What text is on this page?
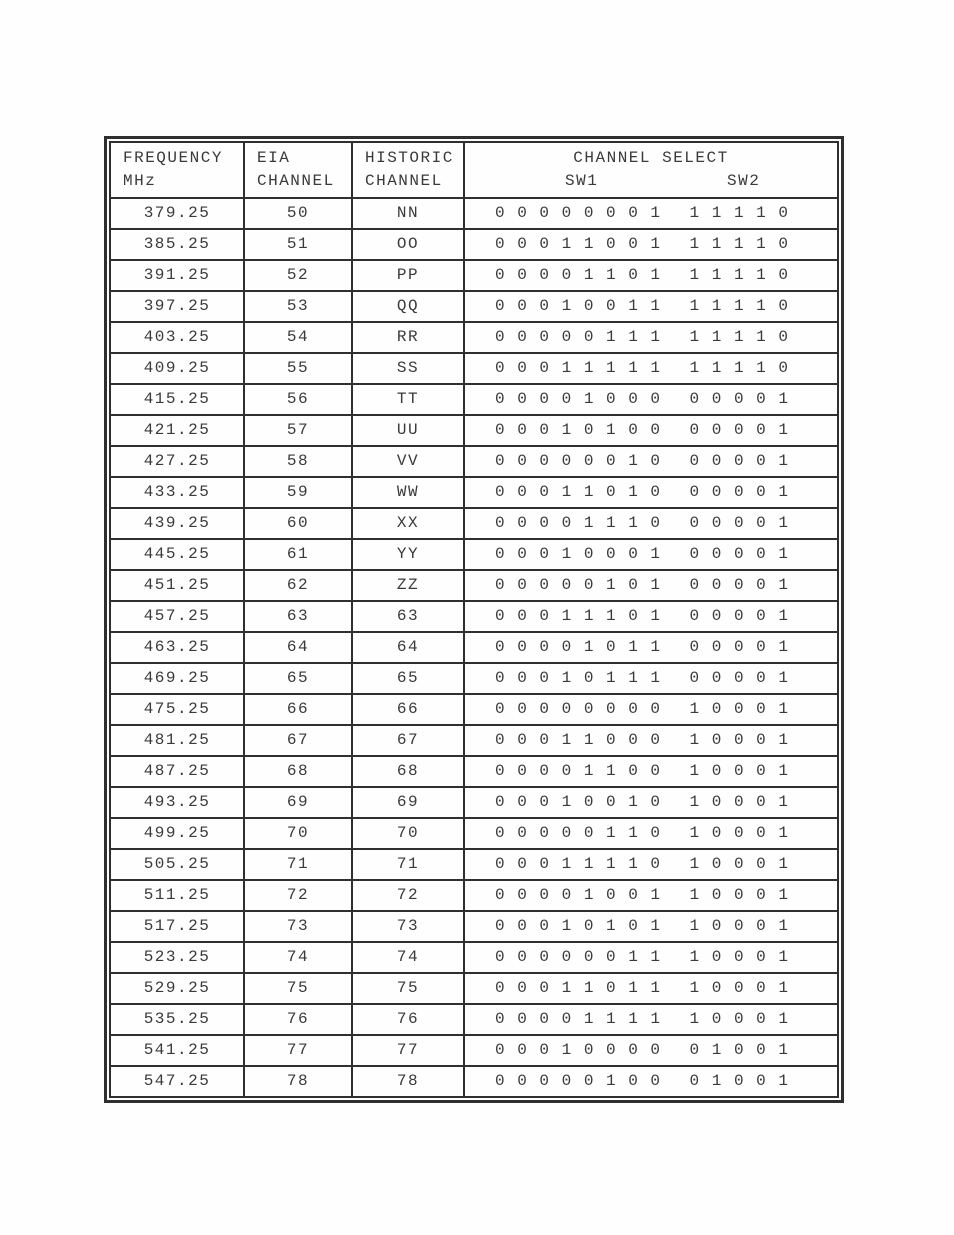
FREQUENCY
MHz

EIA
CHANNEL

HISTORIC
CHANNEL

CHANNEL SELECT
SW1	SW2

379.25	50	NN	0 0 0 0 0 0 0 1 1 1 1 1 0
385.25	51	OO	0 0 0 1 1 0 0 1 1 1 1 1 0
391.25	52	PP	0 0 0 0 1 1 0 1 1 1 1 1 0
397.25	53	QQ	0 0 0 1 0 0 1 1 1 1 1 1 0
403.25	54	RR	0 0 0 0 0 1 1 1 1 1 1 1 0
409.25	55	SS	0 0 0 1 1 1 1 1 1 1 1 1 0
415.25	56	TT	0 0 0 0 1 0 0 0 0 0 0 0 1
421.25	57	UU	0 0 0 1 0 1 0 0 0 0 0 0 1
427.25	58	VV	0 0 0 0 0 0 1 0 0 0 0 0 1
433.25	59	WW	0 0 0 1 1 0 1 0 0 0 0 0 1
439.25	60	XX	0 0 0 0 1 1 1 0 0 0 0 0 1
445.25	61	YY	0 0 0 1 0 0 0 1 0 0 0 0 1
451.25	62	ZZ	0 0 0 0 0 1 0 1 0 0 0 0 1
457.25	63	63	0 0 0 1 1 1 0 1 0 0 0 0 1
463.25	64	64	0 0 0 0 1 0 1 1 0 0 0 0 1
469.25	65	65	0 0 0 1 0 1 1 1 0 0 0 0 1
475.25	66	66	0 0 0 0 0 0 0 0 1 0 0 0 1
481.25	67	67	0 0 0 1 1 0 0 0 1 0 0 0 1
487.25	68	68	0 0 0 0 1 1 0 0 1 0 0 0 1
493.25	69	69	0 0 0 1 0 0 1 0 1 0 0 0 1
499.25	70	70	0 0 0 0 0 1 1 0 1 0 0 0 1
505.25	71	71	0 0 0 1 1 1 1 0 1 0 0 0 1
511.25	72	72	0 0 0 0 1 0 0 1 1 0 0 0 1
517.25	73	73	0 0 0 1 0 1 0 1 1 0 0 0 1
523.25	74	74	0 0 0 0 0 0 1 1 1 0 0 0 1
529.25	75	75	0 0 0 1 1 0 1 1 1 0 0 0 1
535.25	76	76	0 0 0 0 1 1 1 1 1 0 0 0 1
541.25	77	77	0 0 0 1 0 0 0 0 0 1 0 0 1
547.25	78	78	0 0 0 0 0 1 0 0 0 1 0 0 1
